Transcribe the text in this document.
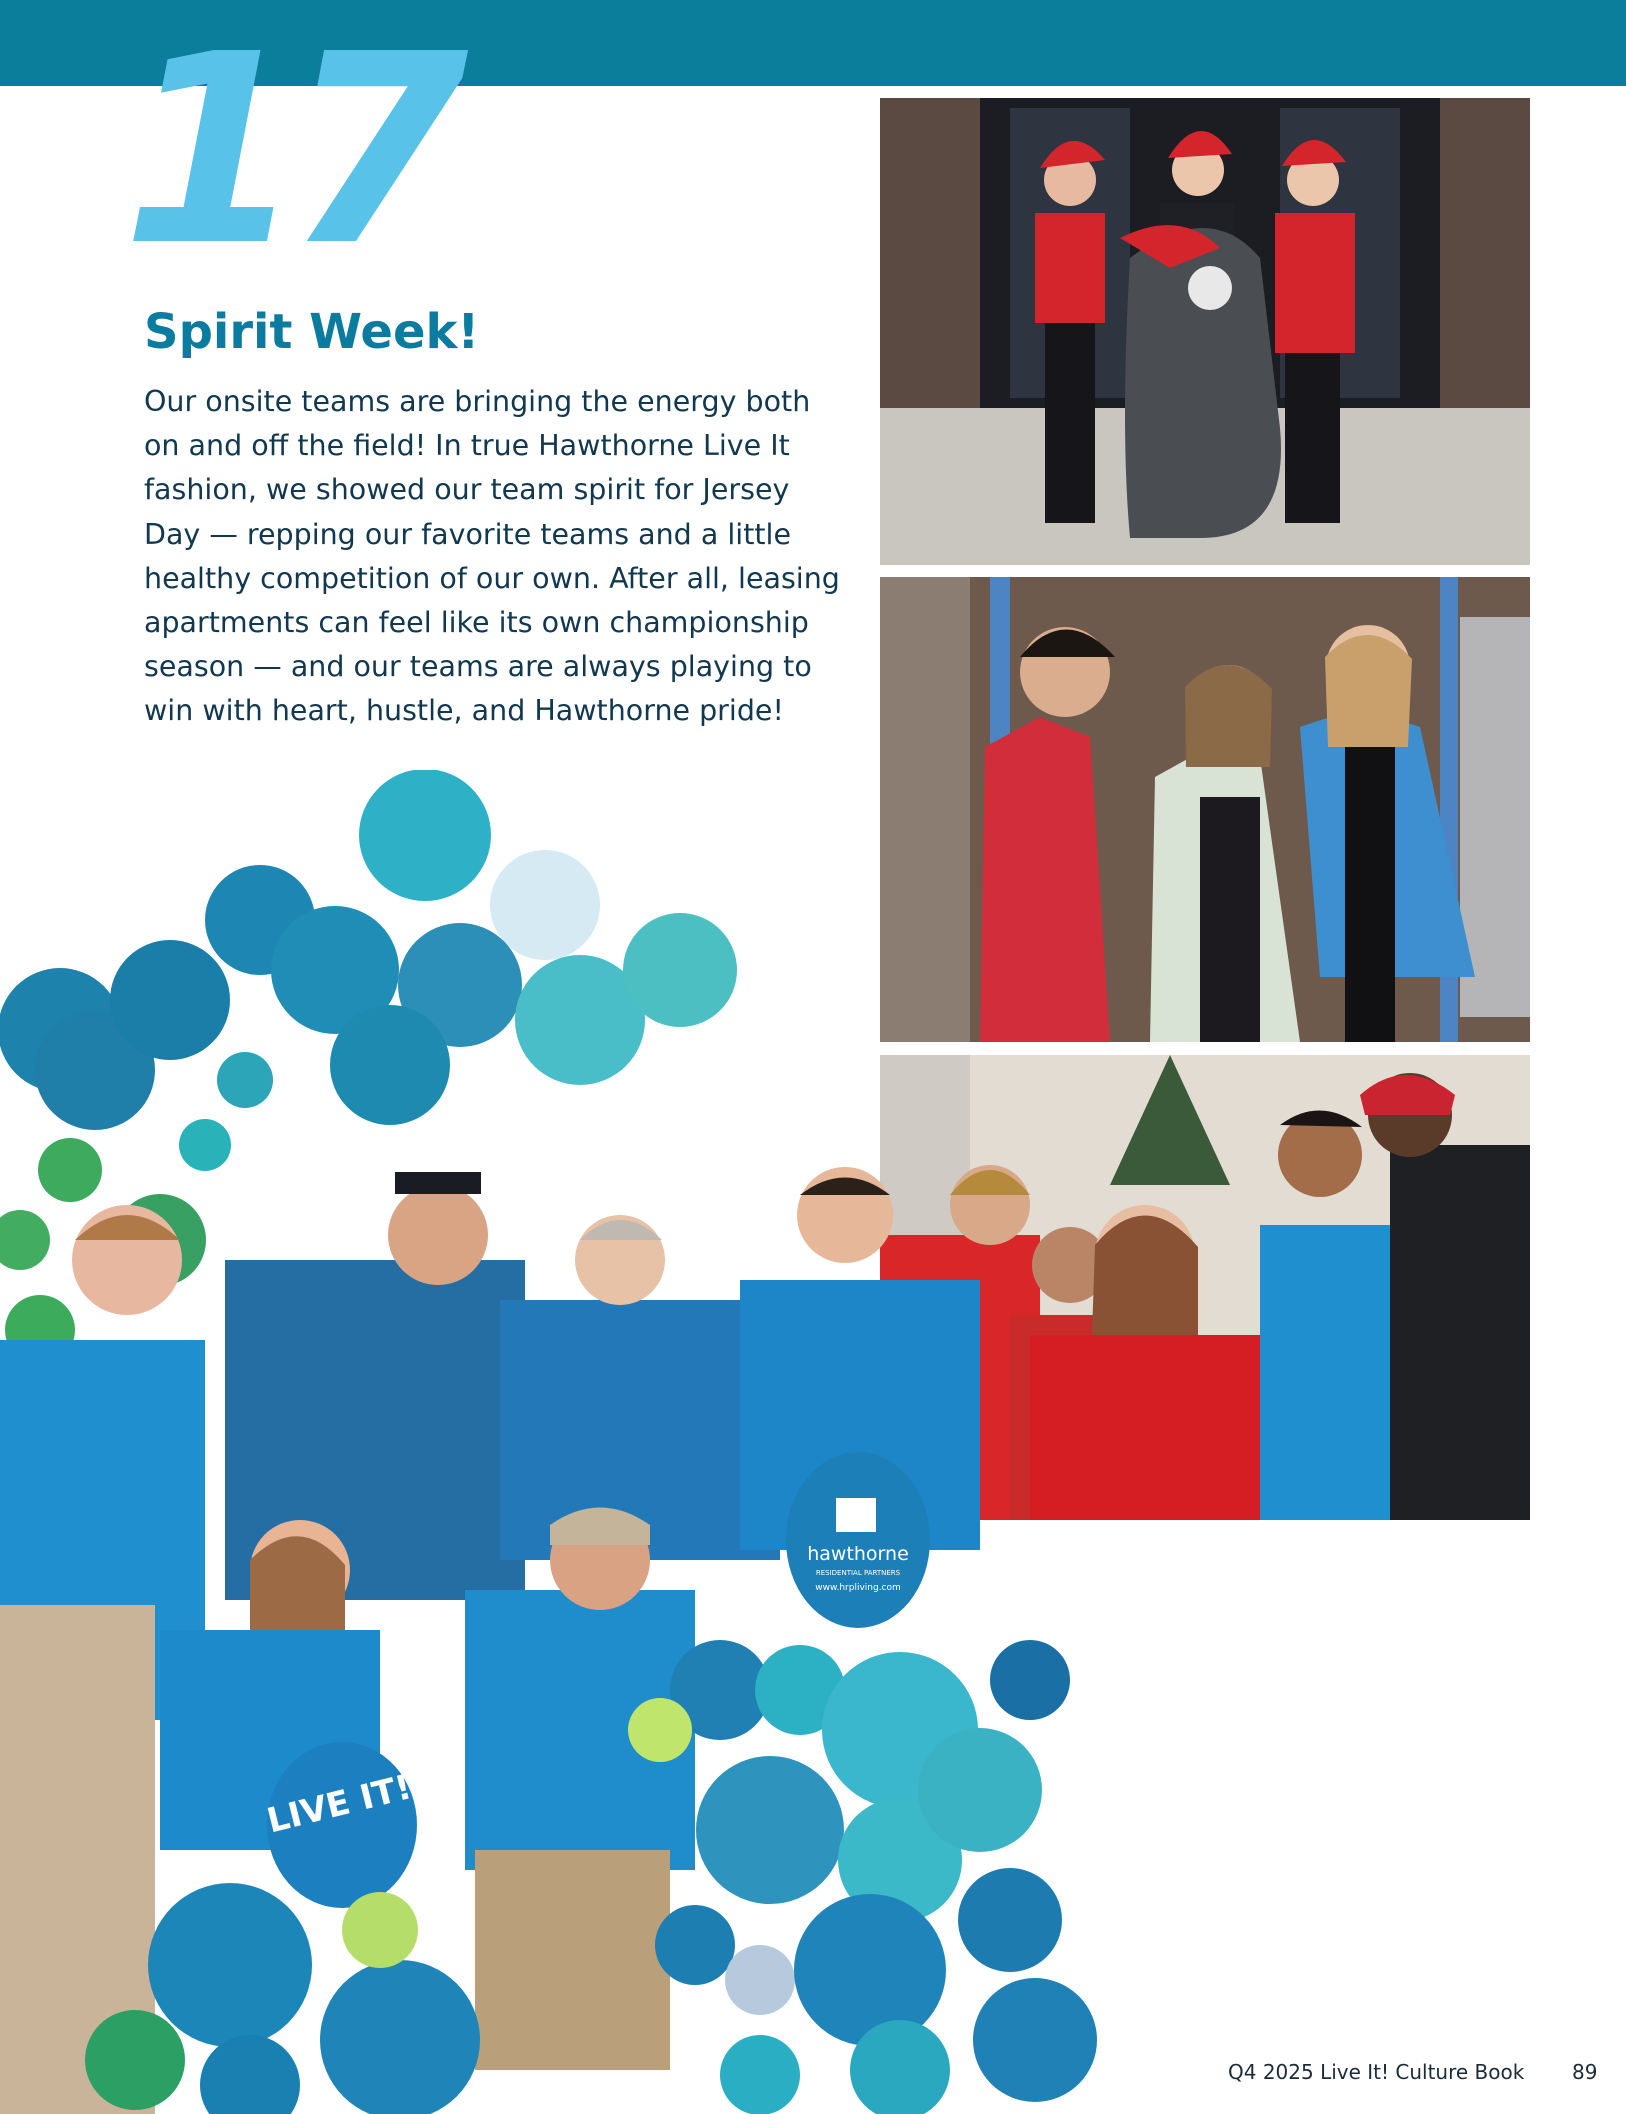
17
Spirit Week!
Our onsite teams are bringing the energy both on and off the field! In true Hawthorne Live It fashion, we showed our team spirit for Jersey Day — repping our favorite teams and a little healthy competition of our own. After all, leasing apartments can feel like its own championship season — and our teams are always playing to win with heart, hustle, and Hawthorne pride!
hawthorne
RESIDENTIAL PARTNERS
www.hrpliving.com
LIVE IT!
Q4 2025 Live It! Culture Book 89
